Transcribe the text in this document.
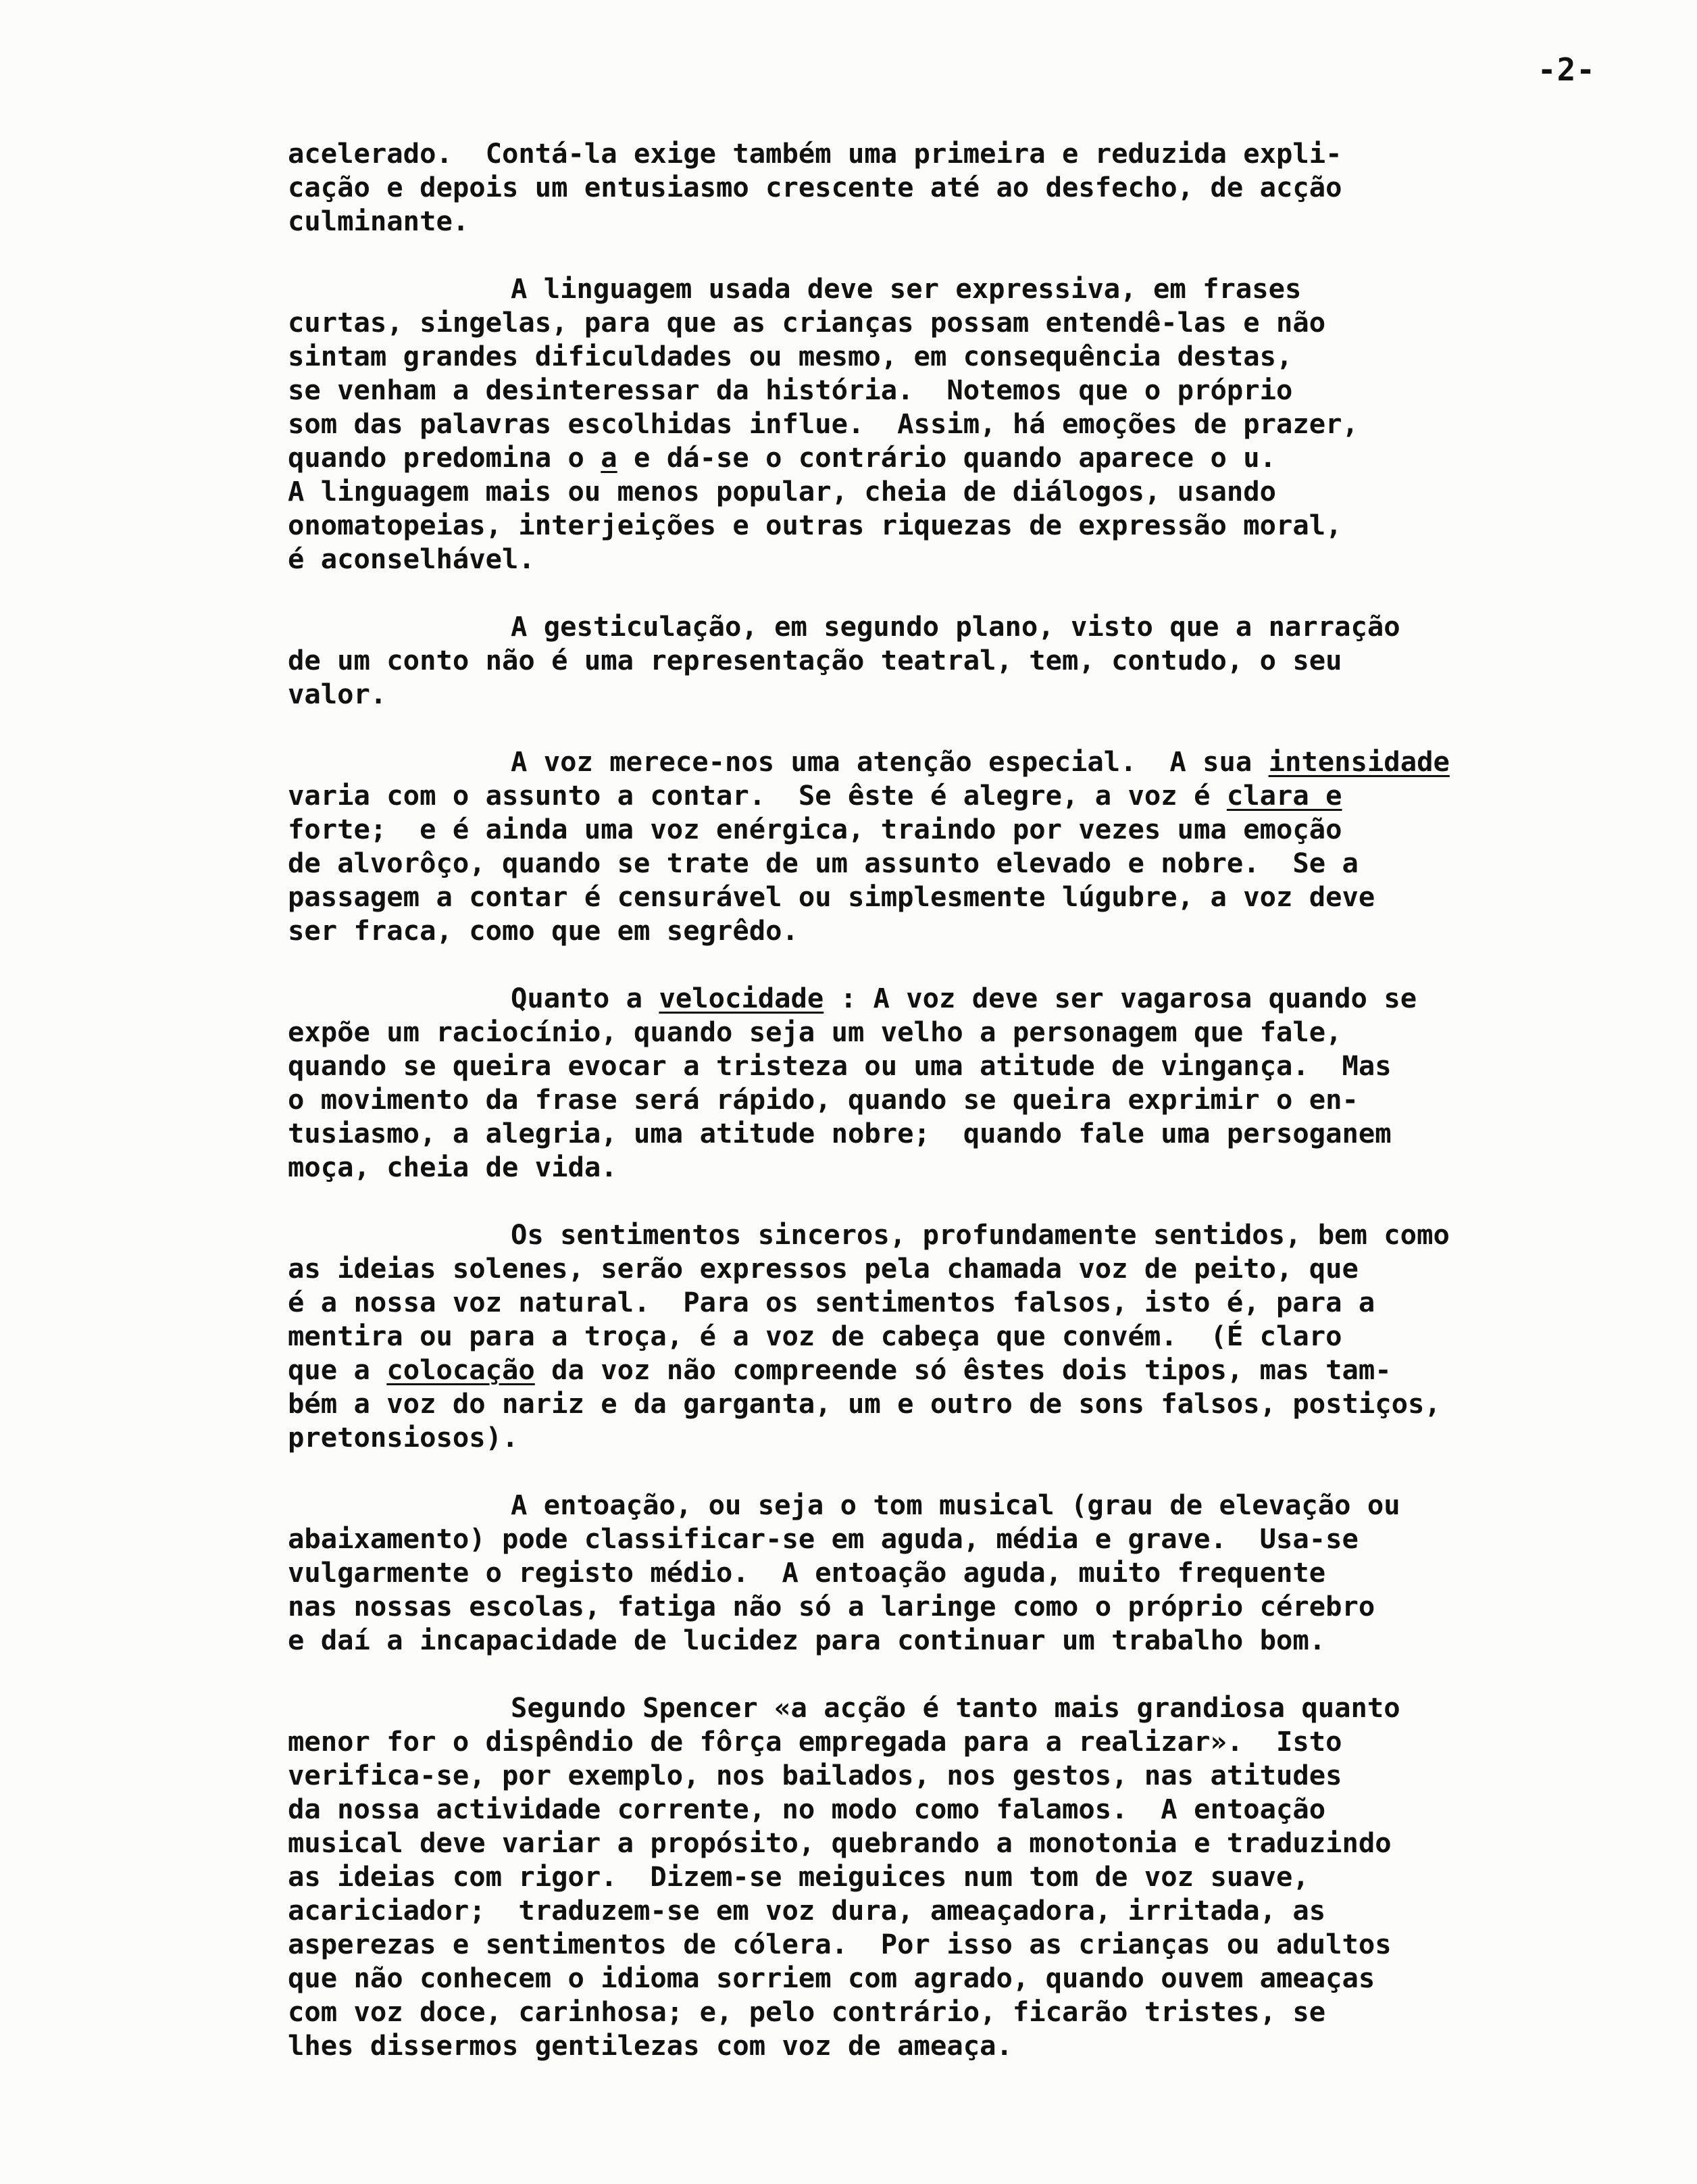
-2-
acelerado.  Contá-la exige também uma primeira e reduzida expli-
cação e depois um entusiasmo crescente até ao desfecho, de acção
culminante.
A linguagem usada deve ser expressiva, em frases
curtas, singelas, para que as crianças possam entendê-las e não
sintam grandes dificuldades ou mesmo, em consequência destas,
se venham a desinteressar da história.  Notemos que o próprio
som das palavras escolhidas influe.  Assim, há emoções de prazer,
quando predomina o a e dá-se o contrário quando aparece o u.
A linguagem mais ou menos popular, cheia de diálogos, usando
onomatopeias, interjeições e outras riquezas de expressão moral,
é aconselhável.
A gesticulação, em segundo plano, visto que a narração
de um conto não é uma representação teatral, tem, contudo, o seu
valor.
A voz merece-nos uma atenção especial.  A sua intensidade
varia com o assunto a contar.  Se êste é alegre, a voz é clara e
forte;  e é ainda uma voz enérgica, traindo por vezes uma emoção
de alvorôço, quando se trate de um assunto elevado e nobre.  Se a
passagem a contar é censurável ou simplesmente lúgubre, a voz deve
ser fraca, como que em segrêdo.
Quanto a velocidade : A voz deve ser vagarosa quando se
expõe um raciocínio, quando seja um velho a personagem que fale,
quando se queira evocar a tristeza ou uma atitude de vingança.  Mas
o movimento da frase será rápido, quando se queira exprimir o en-
tusiasmo, a alegria, uma atitude nobre;  quando fale uma persoganem
moça, cheia de vida.
Os sentimentos sinceros, profundamente sentidos, bem como
as ideias solenes, serão expressos pela chamada voz de peito, que
é a nossa voz natural.  Para os sentimentos falsos, isto é, para a
mentira ou para a troça, é a voz de cabeça que convém.  (É claro
que a colocação da voz não compreende só êstes dois tipos, mas tam-
bém a voz do nariz e da garganta, um e outro de sons falsos, postiços,
pretonsiosos).
A entoação, ou seja o tom musical (grau de elevação ou
abaixamento) pode classificar-se em aguda, média e grave.  Usa-se
vulgarmente o registo médio.  A entoação aguda, muito frequente
nas nossas escolas, fatiga não só a laringe como o próprio cérebro
e daí a incapacidade de lucidez para continuar um trabalho bom.
Segundo Spencer «a acção é tanto mais grandiosa quanto
menor for o dispêndio de fôrça empregada para a realizar».  Isto
verifica-se, por exemplo, nos bailados, nos gestos, nas atitudes
da nossa actividade corrente, no modo como falamos.  A entoação
musical deve variar a propósito, quebrando a monotonia e traduzindo
as ideias com rigor.  Dizem-se meiguices num tom de voz suave,
acariciador;  traduzem-se em voz dura, ameaçadora, irritada, as
asperezas e sentimentos de cólera.  Por isso as crianças ou adultos
que não conhecem o idioma sorriem com agrado, quando ouvem ameaças
com voz doce, carinhosa; e, pelo contrário, ficarão tristes, se
lhes dissermos gentilezas com voz de ameaça.
